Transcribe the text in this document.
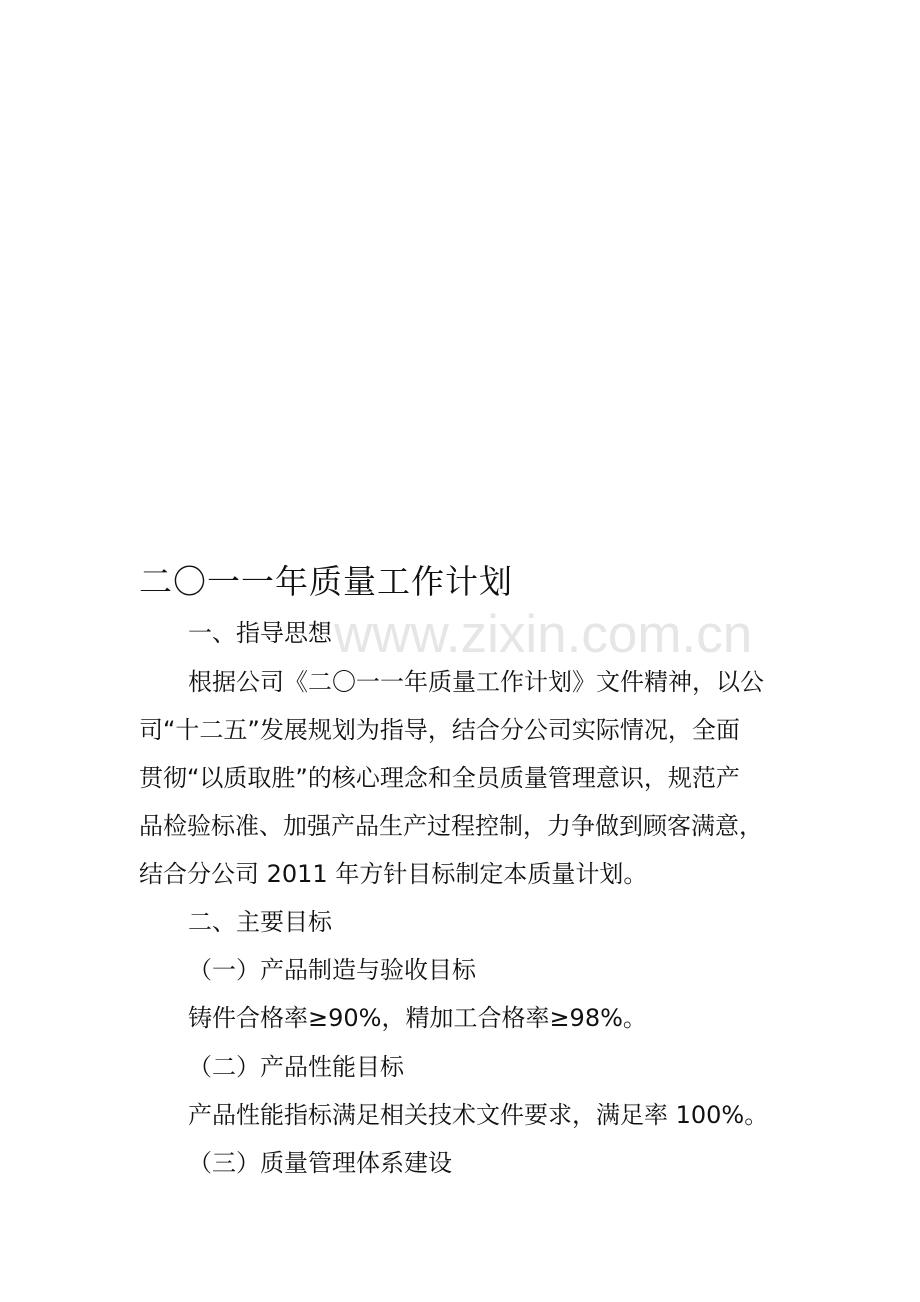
www.zixin.com.cn
二〇一一年质量工作计划
一、指导思想
根据公司《二〇一一年质量工作计划》文件精神，以公
司“十二五”发展规划为指导，结合分公司实际情况，全面
贯彻“以质取胜”的核心理念和全员质量管理意识，规范产
品检验标准、加强产品生产过程控制，力争做到顾客满意，
结合分公司 2011 年方针目标制定本质量计划。
二、主要目标
（一）产品制造与验收目标
铸件合格率≥90%，精加工合格率≥98%。
（二）产品性能目标
产品性能指标满足相关技术文件要求，满足率 100%。
（三）质量管理体系建设
